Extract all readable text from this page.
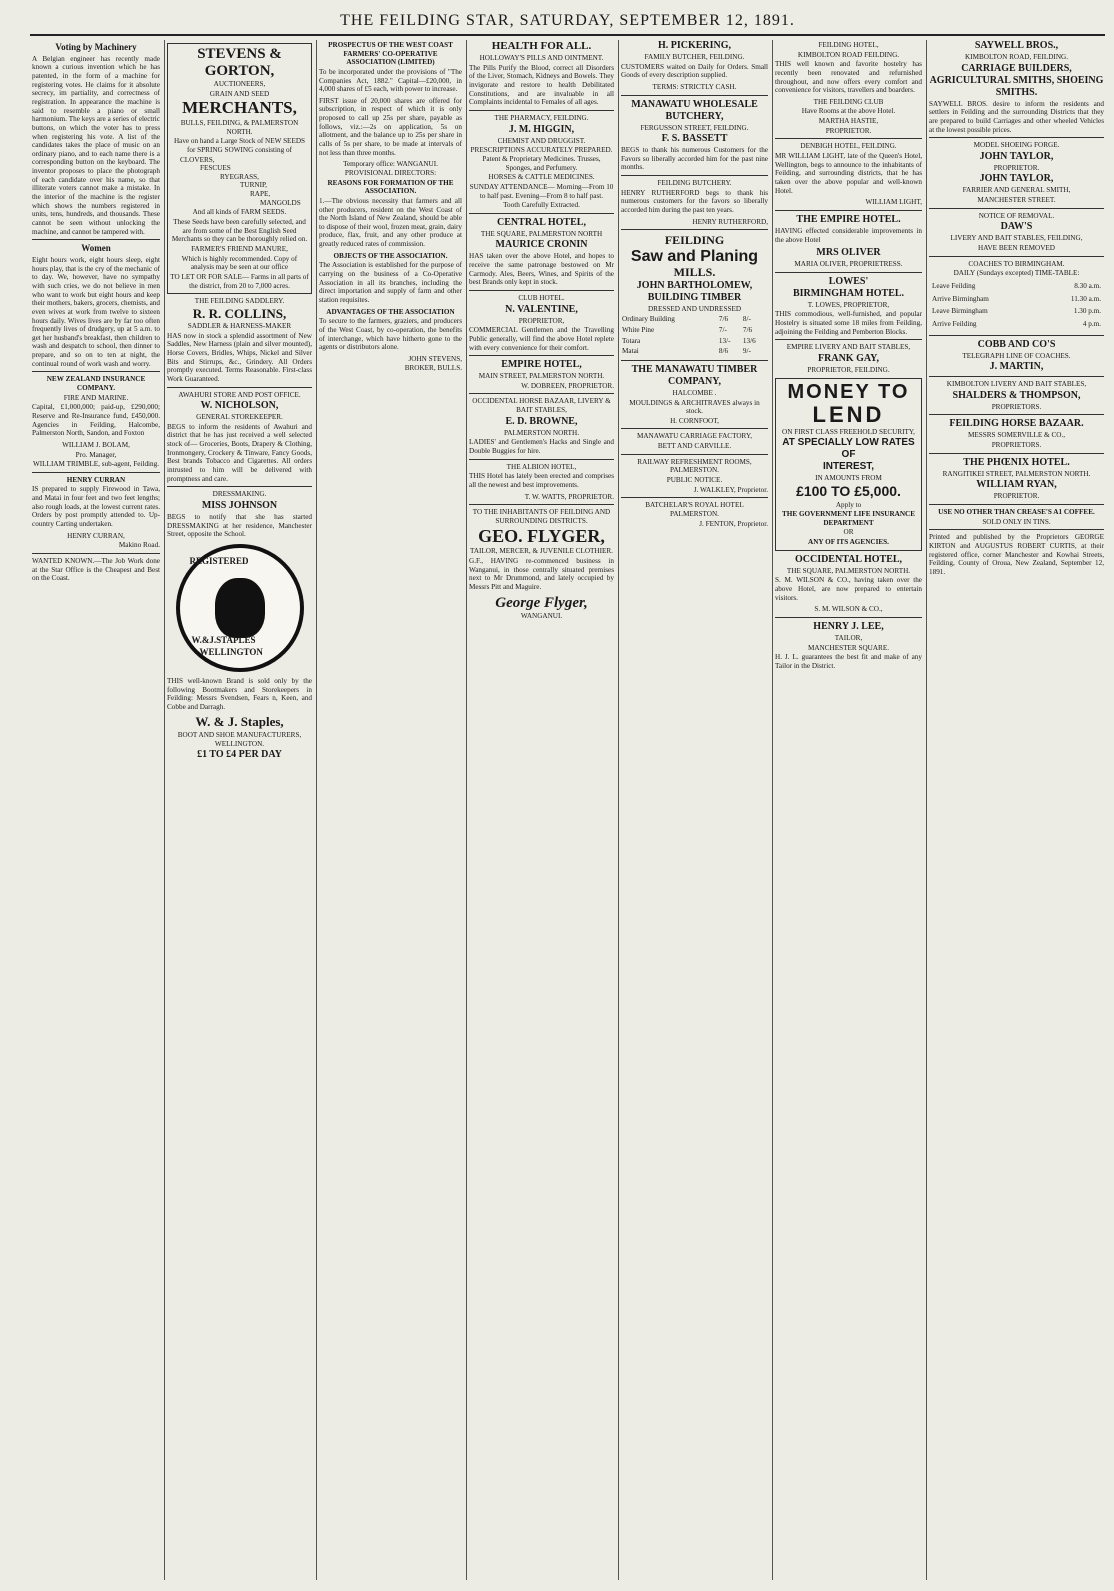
THE FEILDING STAR, SATURDAY, SEPTEMBER 12, 1891.
Voting by Machinery

A Belgian engineer has recently made known a curious invention which he has patented, in the form of a machine for registering votes. He claims for it absolute secrecy, im partiality, and correctness of registration. In appearance the machine is said to resemble a piano or small harmonium. The keys are a series of electric buttons, on which the voter has to press when registering his vote. A list of the candidates takes the place of music on an ordinary piano, and to each name there is a corresponding button on the keyboard. The inventor proposes to place the photograph of each candidate over his name, so that illiterate voters cannot make a mistake. In the interior of the machine is the register which shows the numbers registered in units, tens, hundreds, and thousands. These cannot be seen without unlocking the machine, and cannot be tampered with.

Women

Eight hours work, eight hours sleep, eight hours play, that is the cry of the mechanic of to day. We, however, have no sympathy with such cries, we do not believe in men who want to work but eight hours and keep their mothers, bakers, grocers, chemists, and even wives at work from twelve to sixteen hours daily. Wives lives are by far too often frequently lives of drudgery, up at 5 a.m. to get her husband's breakfast, then children to wash and despatch to school, then dinner to prepare, and so on to ten at night, the continual round of work wash and worry.

NEW ZEALAND INSURANCE COMPANY.
FIRE AND MARINE.

Capital, £1,000,000; paid-up, £290,000; Reserve and Re-Insurance fund, £450,000. Agencies in Feilding, Halcombe, Palmerston North, Sandon, and Foxton

WILLIAM J. BOLAM,
Pro. Manager,
WILLIAM TRIMBLE, sub-agent, Feilding.
HENRY CURRAN

IS prepared to supply Firewood in Tawa, and Matai in four feet and two feet lengths; also rough loads, at the lowest current rates. Orders by post promptly attended to. Up-country Carting undertaken.

HENRY CURRAN,
Makino Road.

WANTED KNOWN.—The Job Work done at the Star Office is the Cheapest and Best on the Coast.

STEVENS & GORTON,
AUCTIONEERS,
GRAIN AND SEED
MERCHANTS,
BULLS, FEILDING, & PALMERSTON NORTH.

Have on hand a Large Stock of NEW SEEDS for SPRING SOWING consisting of

CLOVERS,
FESCUES
RYEGRASS,
TURNIP,
RAPE,
MANGOLDS
And all kinds of FARM SEEDS.

These Seeds have been carefully selected, and are from some of the Best English Seed Merchants so they can be thoroughly relied on.

FARMER'S FRIEND MANURE,

Which is highly recommended. Copy of analysis may be seen at our office

TO LET OR FOR SALE— Farms in all parts of the district, from 20 to 7,000 acres.

THE FEILDING SADDLERY.
R. R. COLLINS,
SADDLER & HARNESS-MAKER

HAS now in stock a splendid assortment of New Saddles, New Harness (plain and silver mounted), Horse Covers, Bridles, Whips, Nickel and Silver Bits and Stirrups, &c., Grindery. All Orders promptly executed. Terms Reasonable. First-class Work Guaranteed.

AWAHURI STORE AND POST OFFICE.
W. NICHOLSON,
GENERAL STOREKEEPER.

BEGS to inform the residents of Awahuri and district that he has just received a well selected stock of— Groceries, Boots, Drapery & Clothing, Ironmongery, Crockery & Tinware, Fancy Goods, Best brands Tobacco and Cigarettes. All orders intrusted to him will be delivered with promptness and care.

DRESSMAKING.
MISS JOHNSON

BEGS to notify that she has started DRESSMAKING at her residence, Manchester Street, opposite the School.

REGISTERED
W.&J.STAPLES
WELLINGTON

THIS well-known Brand is sold only by the following Bootmakers and Storekeepers in Feilding: Messrs Svendsen, Fears n, Keen, and Cobbe and Darragh.

W. & J. Staples,
BOOT AND SHOE MANUFACTURERS, WELLINGTON.
£1 TO £4 PER DAY
PROSPECTUS OF THE WEST COAST FARMERS' CO-OPERATIVE ASSOCIATION (LIMITED)

To be incorporated under the provisions of "The Companies Act, 1882." Capital—£20,000, in 4,000 shares of £5 each, with power to increase.

FIRST issue of 20,000 shares are offered for subscription, in respect of which it is only proposed to call up 25s per share, payable as follows, viz.:—2s on application, 5s on allotment, and the balance up to 25s per share in calls of 5s per share, to be made at intervals of not less than three months.

Temporary office: WANGANUI. PROVISIONAL DIRECTORS:
REASONS FOR FORMATION OF THE ASSOCIATION.

1.—The obvious necessity that farmers and all other producers, resident on the West Coast of the North Island of New Zealand, should be able to dispose of their wool, frozen meat, grain, dairy produce, flax, fruit, and any other produce at greatly reduced rates of commission.

OBJECTS OF THE ASSOCIATION.

The Association is established for the purpose of carrying on the business of a Co-Operative Association in all its branches, including the direct importation and supply of farm and other station requisites.

ADVANTAGES OF THE ASSOCIATION

To secure to the farmers, graziers, and producers of the West Coast, by co-operation, the benefits of interchange, which have hitherto gone to the agents or distributors alone.

JOHN STEVENS,
BROKER, BULLS.
HEALTH FOR ALL.
HOLLOWAY'S PILLS AND OINTMENT.

The Pills Purify the Blood, correct all Disorders of the Liver, Stomach, Kidneys and Bowels. They invigorate and restore to health Debilitated Constitutions, and are invaluable in all Complaints incidental to Females of all ages.

THE PHARMACY, FEILDING.
J. M. HIGGIN,
CHEMIST AND DRUGGIST.

PRESCRIPTIONS ACCURATELY PREPARED. Patent & Proprietary Medicines. Trusses, Sponges, and Perfumery.

HORSES & CATTLE MEDICINES.

SUNDAY ATTENDANCE— Morning—From 10 to half past. Evening—From 8 to half past.

Tooth Carefully Extracted.
CENTRAL HOTEL,
THE SQUARE, PALMERSTON NORTH
MAURICE CRONIN

HAS taken over the above Hotel, and hopes to receive the same patronage bestowed on Mr Carmody. Ales, Beers, Wines, and Spirits of the best Brands only kept in stock.

CLUB HOTEL.
N. VALENTINE,
PROPRIETOR,

COMMERCIAL Gentlemen and the Travelling Public generally, will find the above Hotel replete with every convenience for their comfort.

EMPIRE HOTEL,
MAIN STREET, PALMERSTON NORTH.
W. DOBREEN, PROPRIETOR.
OCCIDENTAL HORSE BAZAAR, LIVERY & BAIT STABLES,
E. D. BROWNE,
PALMERSTON NORTH.

LADIES' and Gentlemen's Hacks and Single and Double Buggies for hire.

THE ALBION HOTEL,

THIS Hotel has lately been erected and comprises all the newest and best improvements.

T. W. WATTS, PROPRIETOR.
TO THE INHABITANTS OF FEILDING AND SURROUNDING DISTRICTS.
GEO. FLYGER,
TAILOR, MERCER, & JUVENILE CLOTHIER.

G.F., HAVING re-commenced business in Wanganui, in those centrally situated premises next to Mr Drummond, and lately occupied by Messrs Pitt and Maguire.

George Flyger,
WANGANUI.
H. PICKERING,
FAMILY BUTCHER, FEILDING.

CUSTOMERS waited on Daily for Orders. Small Goods of every description supplied.

TERMS: STRICTLY CASH.
MANAWATU WHOLESALE BUTCHERY,
FERGUSSON STREET, FEILDING.
F. S. BASSETT

BEGS to thank his numerous Customers for the Favors so liberally accorded him for the past nine months.

FEILDING BUTCHERY.

HENRY RUTHERFORD begs to thank his numerous customers for the favors so liberally accorded him during the past ten years.

HENRY RUTHERFORD,
FEILDING
Saw and Planing
MILLS.
JOHN BARTHOLOMEW,
BUILDING TIMBER
DRESSED AND UNDRESSED
Ordinary Building	7/6	8/-
White Pine	7/-	7/6
Totara	13/-	13/6
Matai	8/6	9/-
THE MANAWATU TIMBER COMPANY,
HALCOMBE .
MOULDINGS & ARCHITRAVES always in stock.
H. CORNFOOT,
MANAWATU CARRIAGE FACTORY,
BETT AND CARVILLE.
RAILWAY REFRESHMENT ROOMS, PALMERSTON.
PUBLIC NOTICE.
J. WALKLEY, Proprietor.
BATCHELAR'S ROYAL HOTEL PALMERSTON.
J. FENTON, Proprietor.
FEILDING HOTEL,
KIMBOLTON ROAD FEILDING.

THIS well known and favorite hostelry has recently been renovated and refurnished throughout, and now offers every comfort and convenience for visitors, travellers and boarders.

THE FEILDING CLUB
Have Rooms at the above Hotel.
MARTHA HASTIE,
PROPRIETOR.
DENBIGH HOTEL, FEILDING.

MR WILLIAM LIGHT, late of the Queen's Hotel, Wellington, begs to announce to the inhabitants of Feilding, and surrounding districts, that he has taken over the above popular and well-known Hotel.

WILLIAM LIGHT,
THE EMPIRE HOTEL.

HAVING effected considerable improvements in the above Hotel

MRS OLIVER
MARIA OLIVER, PROPRIETRESS.
LOWES'
BIRMINGHAM HOTEL.
T. LOWES, PROPRIETOR,

THIS commodious, well-furnished, and popular Hostelry is situated some 18 miles from Feilding, adjoining the Feilding and Pemberton Blocks.

EMPIRE LIVERY AND BAIT STABLES,
FRANK GAY,
PROPRIETOR, FEILDING.
MONEY TO
LEND
ON FIRST CLASS FREEHOLD SECURITY,
AT SPECIALLY LOW RATES OF
INTEREST,
IN AMOUNTS FROM
£100 TO £5,000.
Apply to
THE GOVERNMENT LIFE INSURANCE DEPARTMENT
OR
ANY OF ITS AGENCIES.
OCCIDENTAL HOTEL,
THE SQUARE, PALMERSTON NORTH.

S. M. WILSON & CO., having taken over the above Hotel, are now prepared to entertain visitors.

S. M. WILSON & CO.,
HENRY J. LEE,
TAILOR,
MANCHESTER SQUARE.

H. J. L. guarantees the best fit and make of any Tailor in the District.

SAYWELL BROS.,
KIMBOLTON ROAD, FEILDING.
CARRIAGE BUILDERS, AGRICULTURAL SMITHS, SHOEING SMITHS.

SAYWELL BROS. desire to inform the residents and settlers in Feilding and the surrounding Districts that they are prepared to build Carriages and other wheeled Vehicles at the lowest possible prices.

MODEL SHOEING FORGE.
JOHN TAYLOR,
PROPRIETOR.
JOHN TAYLOR,
FARRIER AND GENERAL SMITH,
MANCHESTER STREET.
NOTICE OF REMOVAL.
DAW'S
LIVERY AND BAIT STABLES, FEILDING,
HAVE BEEN REMOVED
COACHES TO BIRMINGHAM.
DAILY (Sundays excepted) TIME-TABLE:
Leave Feilding	8.30 a.m.
Arrive Birmingham	11.30 a.m.
Leave Birmingham	1.30 p.m.
Arrive Feilding	4 p.m.
COBB AND CO'S
TELEGRAPH LINE OF COACHES.
J. MARTIN,
KIMBOLTON LIVERY AND BAIT STABLES,
SHALDERS & THOMPSON,
PROPRIETORS.
FEILDING HORSE BAZAAR.
MESSRS SOMERVILLE & CO.,
PROPRIETORS.
THE PHŒNIX HOTEL.
RANGITIKEI STREET, PALMERSTON NORTH.
WILLIAM RYAN,
PROPRIETOR.
USE NO OTHER THAN CREASE'S A1 COFFEE.
SOLD ONLY IN TINS.

Printed and published by the Proprietors GEORGE KIRTON and AUGUSTUS ROBERT CURTIS, at their registered office, corner Manchester and Kowhai Streets, Feilding, County of Oroua, New Zealand, September 12, 1891.
